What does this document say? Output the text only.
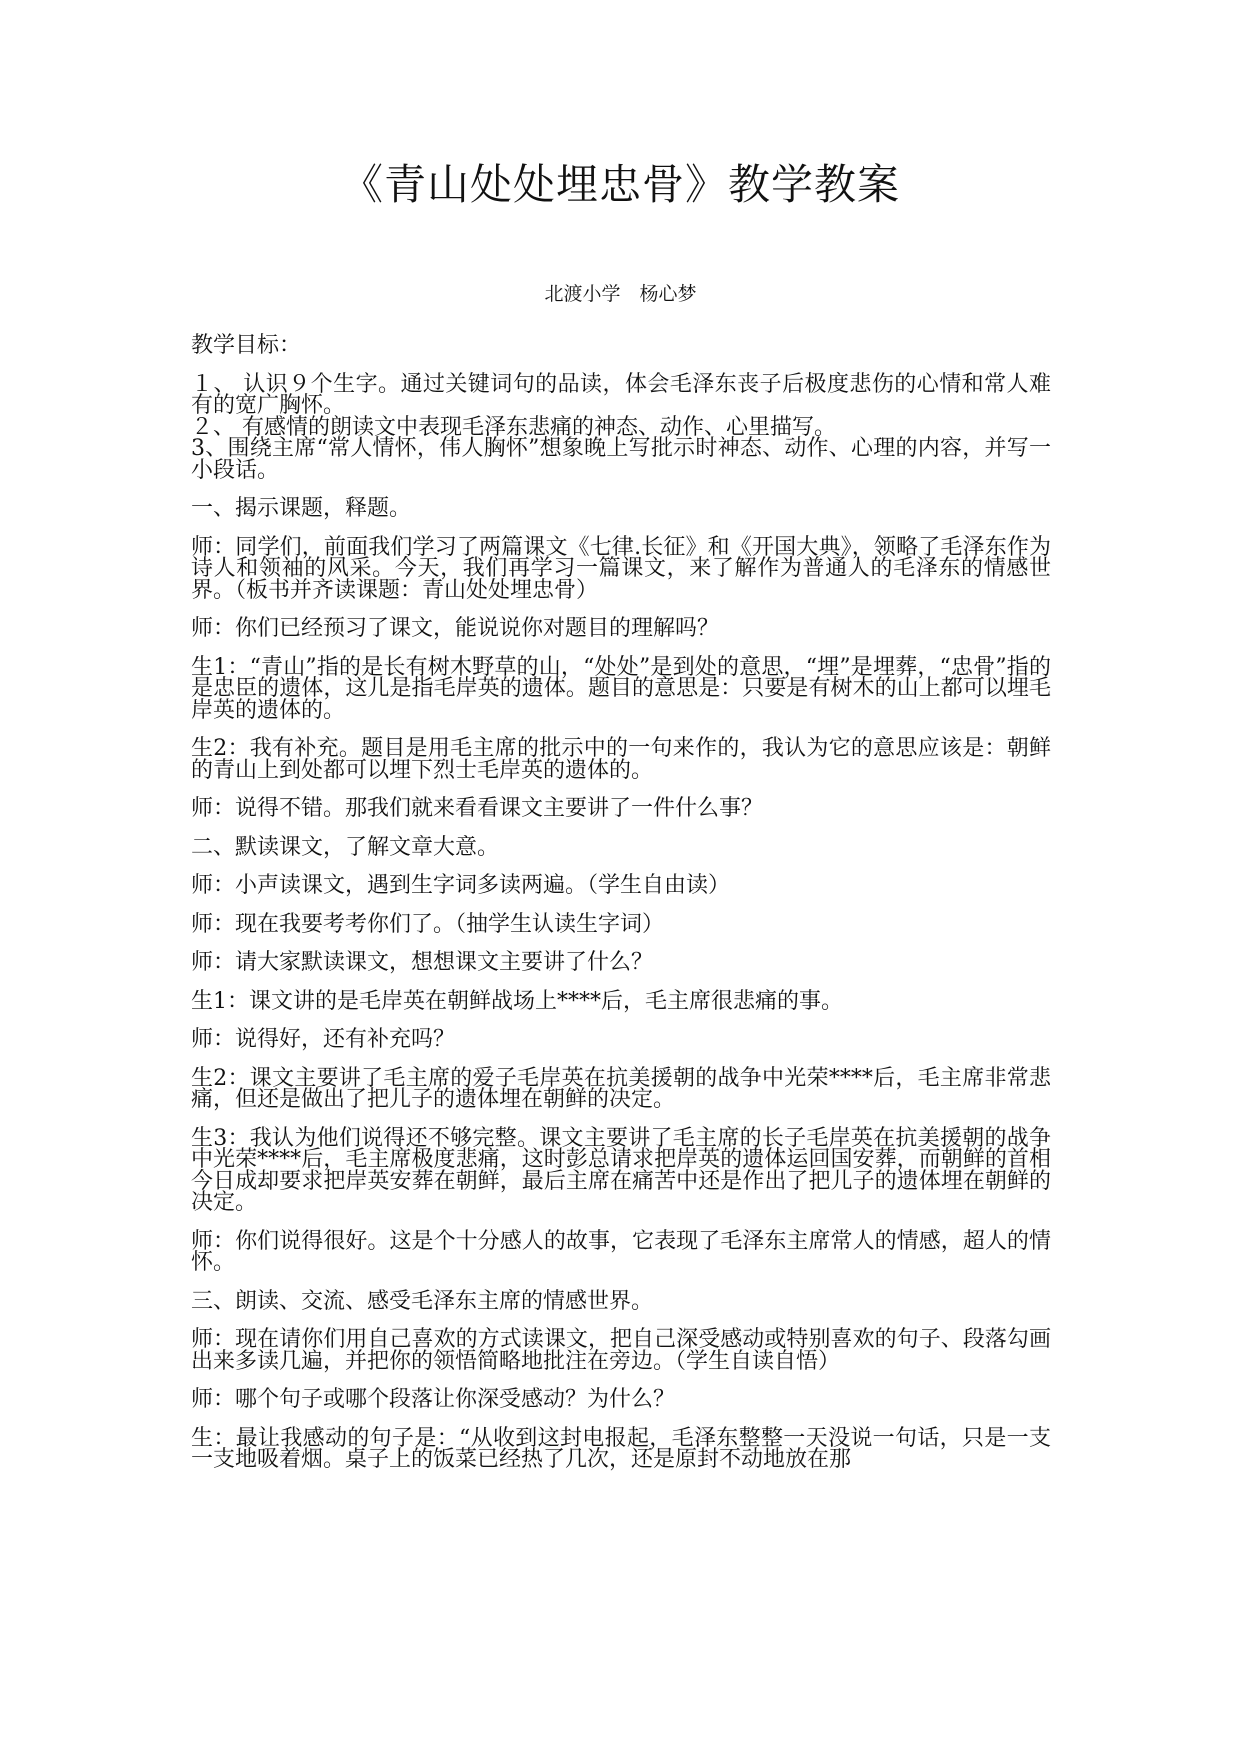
《青山处处埋忠骨》教学教案
北渡小学　杨心梦

教学目标：

１、 认识９个生字。通过关键词句的品读，体会毛泽东丧子后极度悲伤的心情和常人难有的宽广胸怀。

２、 有感情的朗读文中表现毛泽东悲痛的神态、动作、心里描写。

3、围绕主席“常人情怀，伟人胸怀”想象晚上写批示时神态、动作、心理的内容，并写一小段话。

一、揭示课题，释题。

师：同学们，前面我们学习了两篇课文《七律.长征》和《开国大典》，领略了毛泽东作为诗人和领袖的风采。今天，我们再学习一篇课文，来了解作为普通人的毛泽东的情感世界。（板书并齐读课题：青山处处埋忠骨）

师：你们已经预习了课文，能说说你对题目的理解吗？

生1：“青山”指的是长有树木野草的山，“处处”是到处的意思，“埋”是埋葬，“忠骨”指的是忠臣的遗体，这儿是指毛岸英的遗体。题目的意思是：只要是有树木的山上都可以埋毛岸英的遗体的。

生2：我有补充。题目是用毛主席的批示中的一句来作的，我认为它的意思应该是：朝鲜的青山上到处都可以埋下烈士毛岸英的遗体的。

师：说得不错。那我们就来看看课文主要讲了一件什么事？

二、默读课文，了解文章大意。

师：小声读课文，遇到生字词多读两遍。（学生自由读）

师：现在我要考考你们了。（抽学生认读生字词）

师：请大家默读课文，想想课文主要讲了什么？

生1：课文讲的是毛岸英在朝鲜战场上****后，毛主席很悲痛的事。

师：说得好，还有补充吗？

生2：课文主要讲了毛主席的爱子毛岸英在抗美援朝的战争中光荣****后，毛主席非常悲痛，但还是做出了把儿子的遗体埋在朝鲜的决定。

生3：我认为他们说得还不够完整。课文主要讲了毛主席的长子毛岸英在抗美援朝的战争中光荣****后，毛主席极度悲痛，这时彭总请求把岸英的遗体运回国安葬，而朝鲜的首相今日成却要求把岸英安葬在朝鲜，最后主席在痛苦中还是作出了把儿子的遗体埋在朝鲜的决定。

师：你们说得很好。这是个十分感人的故事，它表现了毛泽东主席常人的情感，超人的情怀。

三、朗读、交流、感受毛泽东主席的情感世界。

师：现在请你们用自己喜欢的方式读课文，把自己深受感动或特别喜欢的句子、段落勾画出来多读几遍，并把你的领悟简略地批注在旁边。（学生自读自悟）

师：哪个句子或哪个段落让你深受感动？为什么？

生：最让我感动的句子是：“从收到这封电报起，毛泽东整整一天没说一句话，只是一支一支地吸着烟。桌子上的饭菜已经热了几次，还是原封不动地放在那
